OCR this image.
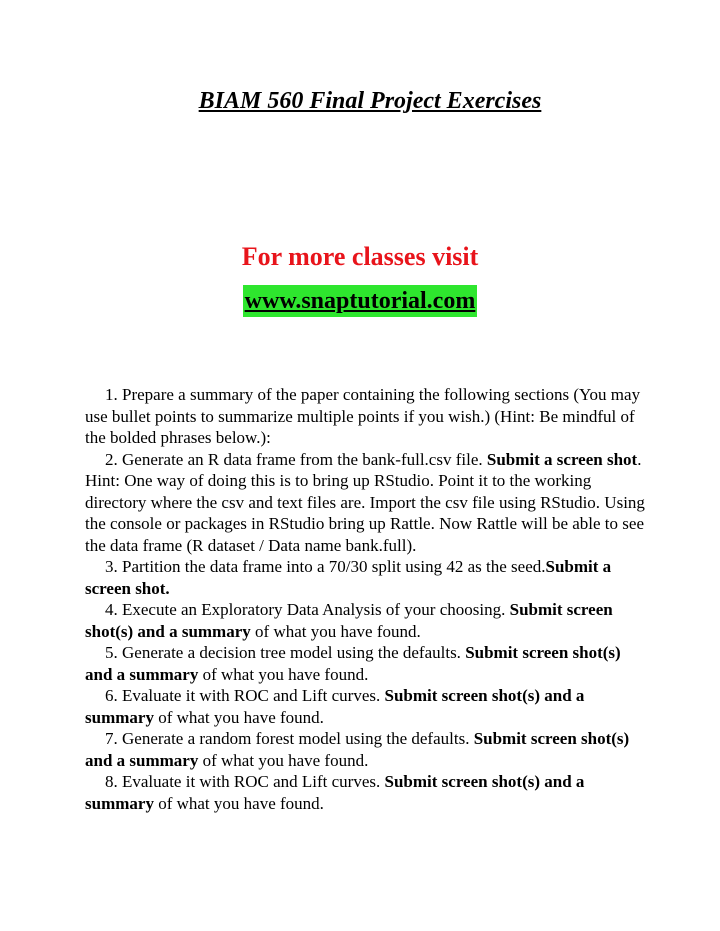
BIAM 560 Final Project Exercises
For more classes visit
www.snaptutorial.com

1. Prepare a summary of the paper containing the following sections (You may use bullet points to summarize multiple points if you wish.) (Hint: Be mindful of the bolded phrases below.):

2. Generate an R data frame from the bank-full.csv file. Submit a screen shot. Hint: One way of doing this is to bring up RStudio. Point it to the working directory where the csv and text files are. Import the csv file using RStudio. Using the console or packages in RStudio bring up Rattle. Now Rattle will be able to see the data frame (R dataset / Data name bank.full).

3. Partition the data frame into a 70/30 split using 42 as the seed.Submit a screen shot.

4. Execute an Exploratory Data Analysis of your choosing. Submit screen shot(s) and a summary of what you have found.

5. Generate a decision tree model using the defaults. Submit screen shot(s) and a summary of what you have found.

6. Evaluate it with ROC and Lift curves. Submit screen shot(s) and a summary of what you have found.

7. Generate a random forest model using the defaults. Submit screen shot(s) and a summary of what you have found.

8. Evaluate it with ROC and Lift curves. Submit screen shot(s) and a summary of what you have found.
